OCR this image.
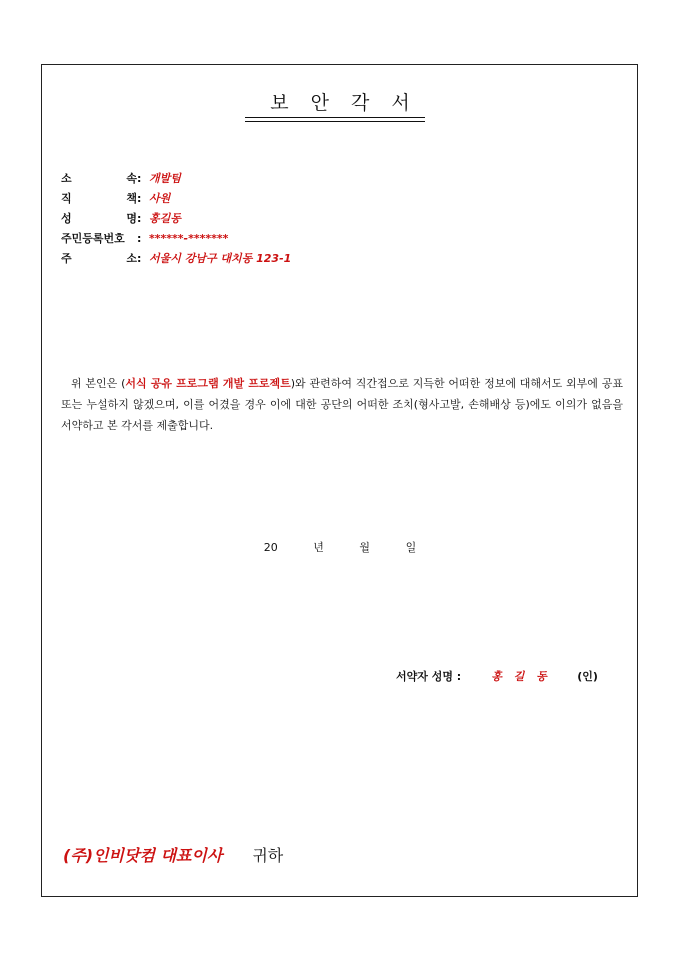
보안각서
소	속 : 개발팀
직	책 : 사원
성	명 : 홍길동
주민등록번호 : ******-*******
주	소 : 서울시 강남구 대치동 123-1
위 본인은 (서식 공유 프로그램 개발 프로젝트)와 관련하여 직간접으로 지득한 어떠한 정보에 대해서도 외부에 공표 또는 누설하지 않겠으며, 이를 어겼을 경우 이에 대한 공단의 어떠한 조치(형사고발, 손해배상 등)에도 이의가 없음을 서약하고 본 각서를 제출합니다.
20	년	월	일
서약자 성명 :	홍 길 동	(인)
(주)인비닷컴 대표이사 귀하
